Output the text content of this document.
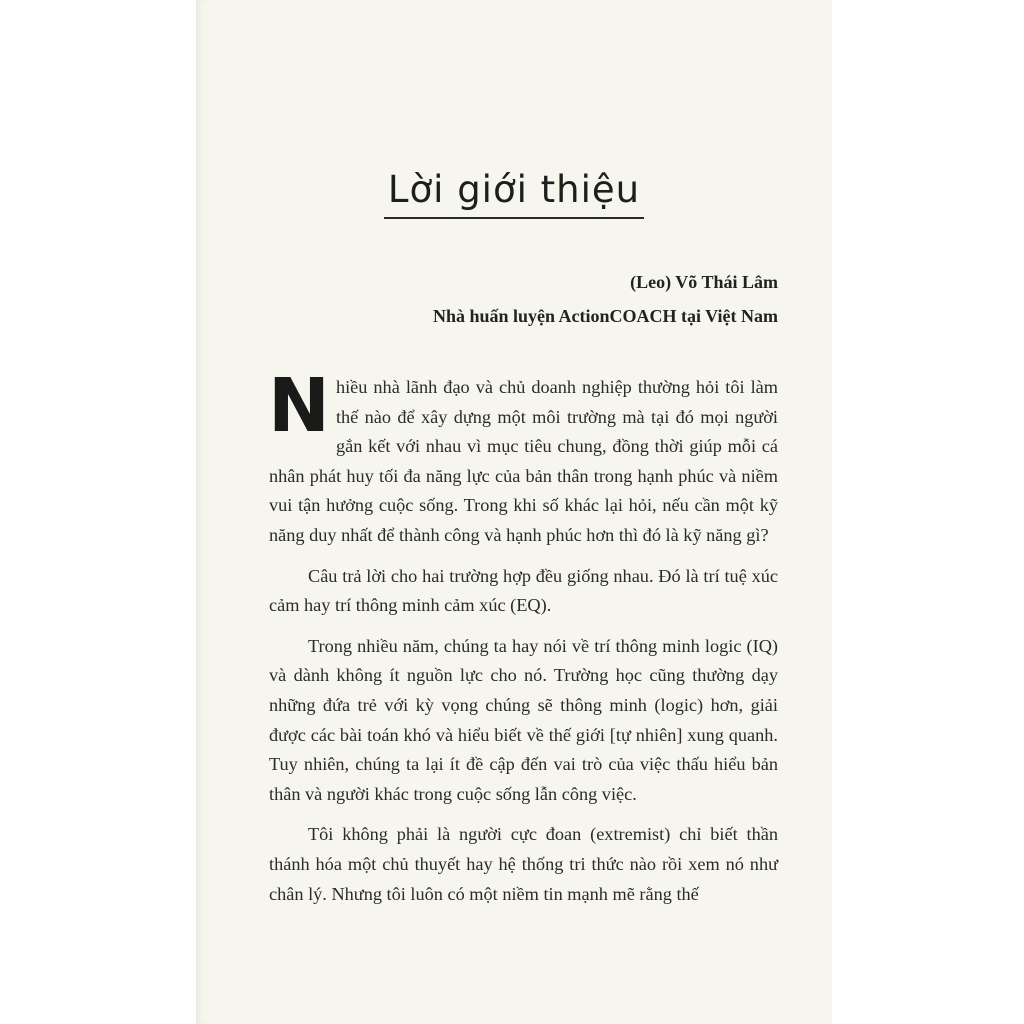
Lời giới thiệu
(Leo) Võ Thái Lâm
Nhà huấn luyện ActionCOACH tại Việt Nam

Nhiều nhà lãnh đạo và chủ doanh nghiệp thường hỏi tôi làm thế nào để xây dựng một môi trường mà tại đó mọi người gắn kết với nhau vì mục tiêu chung, đồng thời giúp mỗi cá nhân phát huy tối đa năng lực của bản thân trong hạnh phúc và niềm vui tận hưởng cuộc sống. Trong khi số khác lại hỏi, nếu cần một kỹ năng duy nhất để thành công và hạnh phúc hơn thì đó là kỹ năng gì?

Câu trả lời cho hai trường hợp đều giống nhau. Đó là trí tuệ xúc cảm hay trí thông minh cảm xúc (EQ).

Trong nhiều năm, chúng ta hay nói về trí thông minh logic (IQ) và dành không ít nguồn lực cho nó. Trường học cũng thường dạy những đứa trẻ với kỳ vọng chúng sẽ thông minh (logic) hơn, giải được các bài toán khó và hiểu biết về thế giới [tự nhiên] xung quanh. Tuy nhiên, chúng ta lại ít đề cập đến vai trò của việc thấu hiểu bản thân và người khác trong cuộc sống lẫn công việc.

Tôi không phải là người cực đoan (extremist) chỉ biết thần thánh hóa một chủ thuyết hay hệ thống tri thức nào rồi xem nó như chân lý. Nhưng tôi luôn có một niềm tin mạnh mẽ rằng thế
